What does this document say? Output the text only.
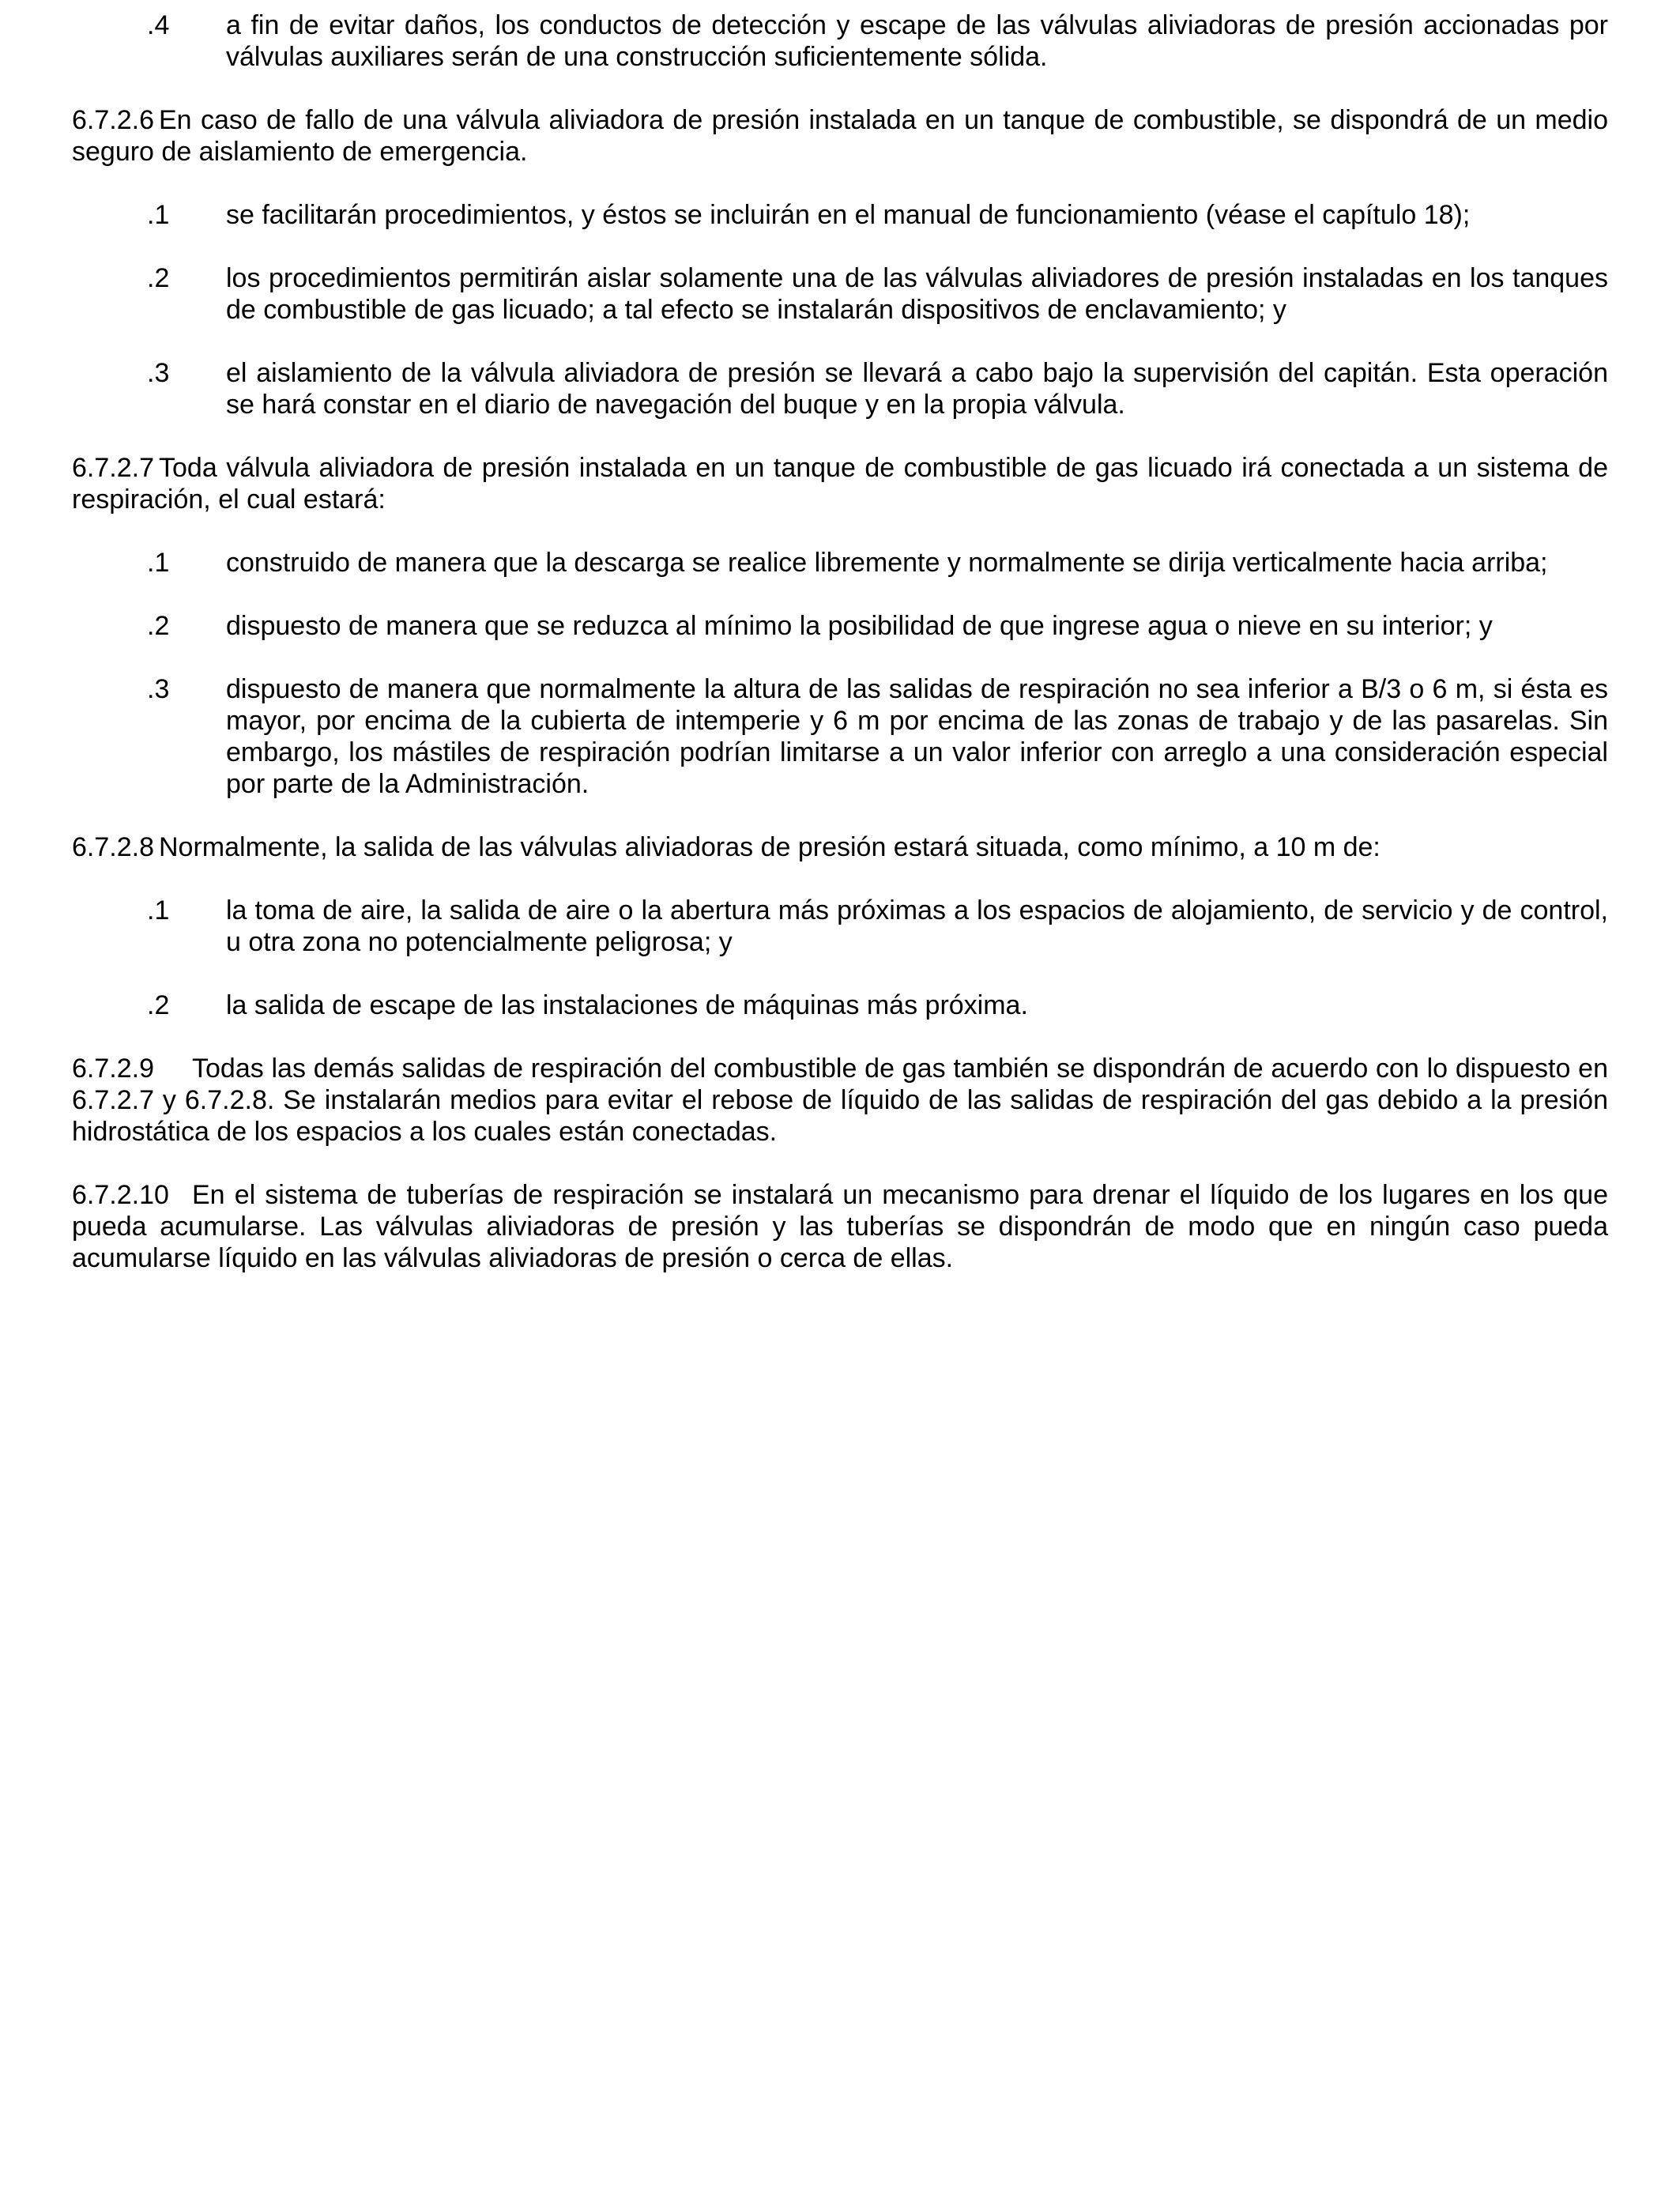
.4	a fin de evitar daños, los conductos de detección y escape de las válvulas aliviadoras de presión accionadas por válvulas auxiliares serán de una construcción suficientemente sólida.

6.7.2.6 En caso de fallo de una válvula aliviadora de presión instalada en un tanque de combustible, se dispondrá de un medio seguro de aislamiento de emergencia.

.1	se facilitarán procedimientos, y éstos se incluirán en el manual de funcionamiento (véase el capítulo 18);
.2	los procedimientos permitirán aislar solamente una de las válvulas aliviadores de presión instaladas en los tanques de combustible de gas licuado; a tal efecto se instalarán dispositivos de enclavamiento; y
.3	el aislamiento de la válvula aliviadora de presión se llevará a cabo bajo la supervisión del capitán. Esta operación se hará constar en el diario de navegación del buque y en la propia válvula.

6.7.2.7 Toda válvula aliviadora de presión instalada en un tanque de combustible de gas licuado irá conectada a un sistema de respiración, el cual estará:

.1	construido de manera que la descarga se realice libremente y normalmente se dirija verticalmente hacia arriba;
.2	dispuesto de manera que se reduzca al mínimo la posibilidad de que ingrese agua o nieve en su interior; y
.3	dispuesto de manera que normalmente la altura de las salidas de respiración no sea inferior a B/3 o 6 m, si ésta es mayor, por encima de la cubierta de intemperie y 6 m por encima de las zonas de trabajo y de las pasarelas. Sin embargo, los mástiles de respiración podrían limitarse a un valor inferior con arreglo a una consideración especial por parte de la Administración.

6.7.2.8 Normalmente, la salida de las válvulas aliviadoras de presión estará situada, como mínimo, a 10 m de:

.1	la toma de aire, la salida de aire o la abertura más próximas a los espacios de alojamiento, de servicio y de control, u otra zona no potencialmente peligrosa; y
.2	la salida de escape de las instalaciones de máquinas más próxima.

6.7.2.9 Todas las demás salidas de respiración del combustible de gas también se dispondrán de acuerdo con lo dispuesto en 6.7.2.7 y 6.7.2.8. Se instalarán medios para evitar el rebose de líquido de las salidas de respiración del gas debido a la presión hidrostática de los espacios a los cuales están conectadas.

6.7.2.10 En el sistema de tuberías de respiración se instalará un mecanismo para drenar el líquido de los lugares en los que pueda acumularse. Las válvulas aliviadoras de presión y las tuberías se dispondrán de modo que en ningún caso pueda acumularse líquido en las válvulas aliviadoras de presión o cerca de ellas.
